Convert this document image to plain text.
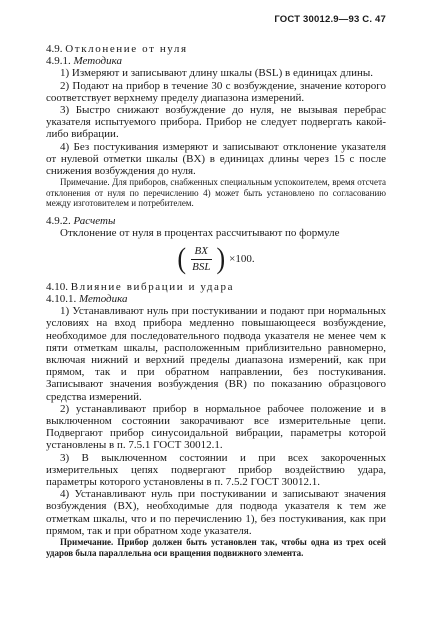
ГОСТ 30012.9—93 С. 47

4.9. Отклонение от нуля

4.9.1. Методика

1) Измеряют и записывают длину шкалы (BSL) в единицах длины.

2) Подают на прибор в течение 30 с возбуждение, значение которого соответствует верхнему пределу диапазона измерений.

3) Быстро снижают возбуждение до нуля, не вызывая перебрас указателя испытуемого прибора. Прибор не следует подвергать какой-либо вибрации.

4) Без постукивания измеряют и записывают отклонение указателя от нулевой отметки шкалы (BX) в единицах длины через 15 с после снижения возбуждения до нуля.

Примечание. Для приборов, снабженных специальным успокоителем, время отсчета отклонения от нуля по перечислению 4) может быть установлено по согласованию между изготовителем и потребителем.

4.9.2. Расчеты

Отклонение от нуля в процентах рассчитывают по формуле

( $\frac{BX}{\text{BSL}}$ ) ×100.

4.10. Влияние вибрации и удара

4.10.1. Методика

1) Устанавливают нуль при постукивании и подают при нормальных условиях на вход прибора медленно повышающееся возбуждение, необходимое для последовательного подвода указателя не менее чем к пяти отметкам шкалы, расположенным приблизительно равномерно, включая нижний и верхний пределы диапазона измерений, как при прямом, так и при обратном направлении, без постукивания. Записывают значения возбуждения (BR) по показанию образцового средства измерений.

2) устанавливают прибор в нормальное рабочее положение и в выключенном состоянии закорачивают все измерительные цепи. Подвергают прибор синусоидальной вибрации, параметры которой установлены в п. 7.5.1 ГОСТ 30012.1.

3) В выключенном состоянии и при всех закороченных измерительных цепях подвергают прибор воздействию удара, параметры которого установлены в п. 7.5.2 ГОСТ 30012.1.

4) Устанавливают нуль при постукивании и записывают значения возбуждения (BX), необходимые для подвода указателя к тем же отметкам шкалы, что и по перечислению 1), без постукивания, как при прямом, так и при обратном ходе указателя.

Примечание. Прибор должен быть установлен так, чтобы одна из трех осей ударов была параллельна оси вращения подвижного элемента.
